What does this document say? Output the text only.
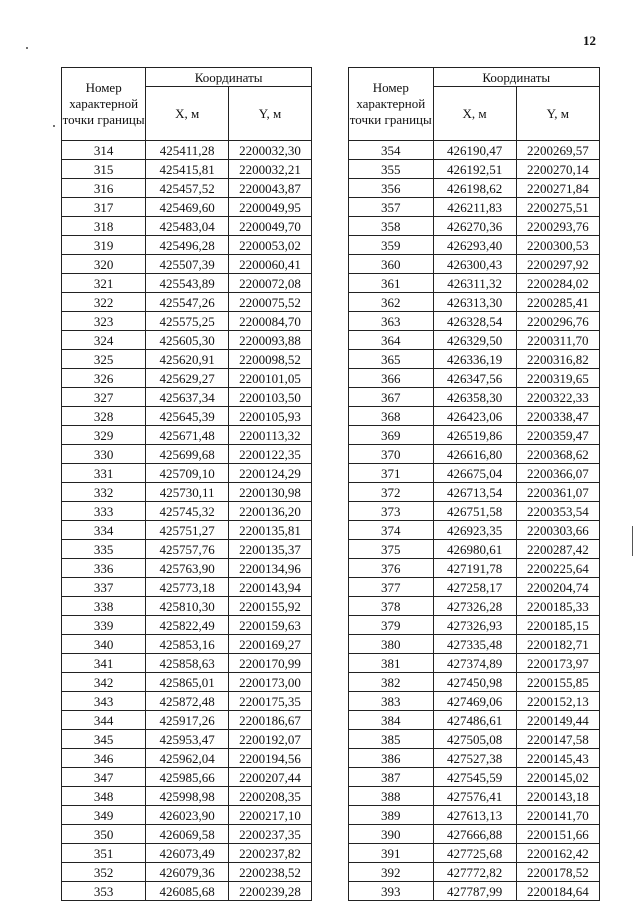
12
Номер характерной точки границы	Координаты	
	X, м	Y, м
314	425411,28	2200032,30
315	425415,81	2200032,21
316	425457,52	2200043,87
317	425469,60	2200049,95
318	425483,04	2200049,70
319	425496,28	2200053,02
320	425507,39	2200060,41
321	425543,89	2200072,08
322	425547,26	2200075,52
323	425575,25	2200084,70
324	425605,30	2200093,88
325	425620,91	2200098,52
326	425629,27	2200101,05
327	425637,34	2200103,50
328	425645,39	2200105,93
329	425671,48	2200113,32
330	425699,68	2200122,35
331	425709,10	2200124,29
332	425730,11	2200130,98
333	425745,32	2200136,20
334	425751,27	2200135,81
335	425757,76	2200135,37
336	425763,90	2200134,96
337	425773,18	2200143,94
338	425810,30	2200155,92
339	425822,49	2200159,63
340	425853,16	2200169,27
341	425858,63	2200170,99
342	425865,01	2200173,00
343	425872,48	2200175,35
344	425917,26	2200186,67
345	425953,47	2200192,07
346	425962,04	2200194,56
347	425985,66	2200207,44
348	425998,98	2200208,35
349	426023,90	2200217,10
350	426069,58	2200237,35
351	426073,49	2200237,82
352	426079,36	2200238,52
353	426085,68	2200239,28
Номер характерной точки границы	Координаты	
	X, м	Y, м
354	426190,47	2200269,57
355	426192,51	2200270,14
356	426198,62	2200271,84
357	426211,83	2200275,51
358	426270,36	2200293,76
359	426293,40	2200300,53
360	426300,43	2200297,92
361	426311,32	2200284,02
362	426313,30	2200285,41
363	426328,54	2200296,76
364	426329,50	2200311,70
365	426336,19	2200316,82
366	426347,56	2200319,65
367	426358,30	2200322,33
368	426423,06	2200338,47
369	426519,86	2200359,47
370	426616,80	2200368,62
371	426675,04	2200366,07
372	426713,54	2200361,07
373	426751,58	2200353,54
374	426923,35	2200303,66
375	426980,61	2200287,42
376	427191,78	2200225,64
377	427258,17	2200204,74
378	427326,28	2200185,33
379	427326,93	2200185,15
380	427335,48	2200182,71
381	427374,89	2200173,97
382	427450,98	2200155,85
383	427469,06	2200152,13
384	427486,61	2200149,44
385	427505,08	2200147,58
386	427527,38	2200145,43
387	427545,59	2200145,02
388	427576,41	2200143,18
389	427613,13	2200141,70
390	427666,88	2200151,66
391	427725,68	2200162,42
392	427772,82	2200178,52
393	427787,99	2200184,64
